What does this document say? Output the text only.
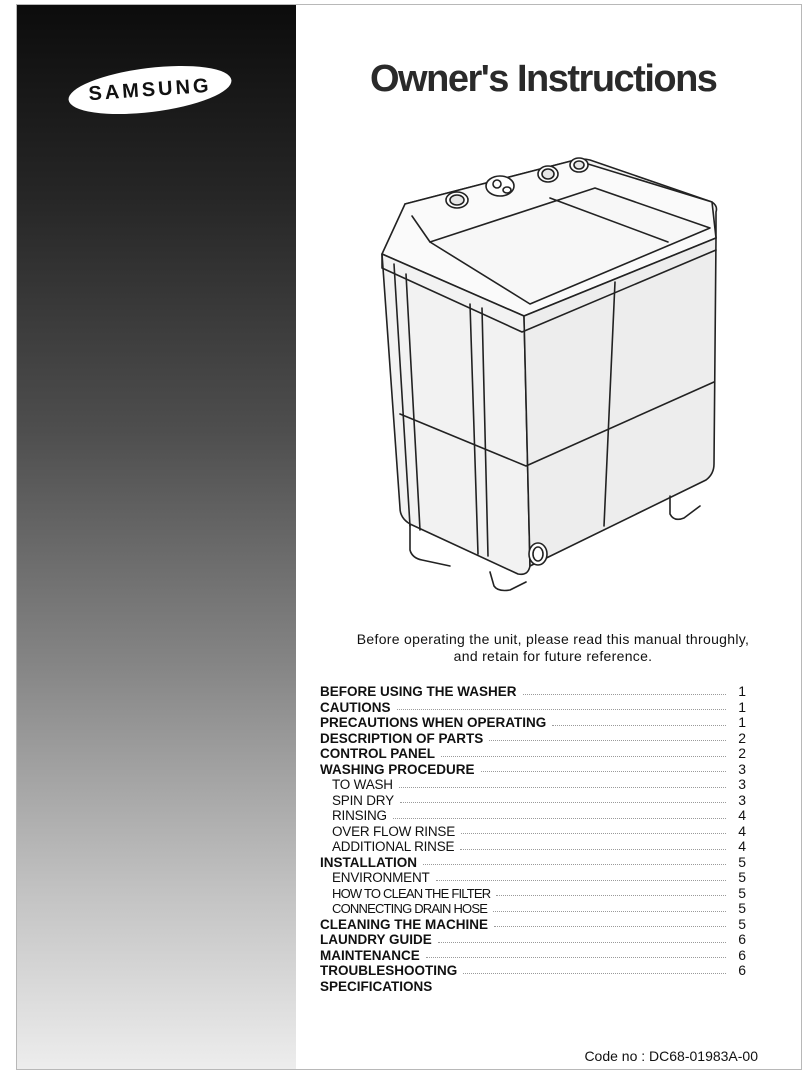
SAMSUNG	Owner's Instructions
Before operating the unit, please read this manual throughly,
and retain for future reference.
BEFORE USING THE WASHER	1
CAUTIONS	1
PRECAUTIONS WHEN OPERATING	1
DESCRIPTION OF PARTS	2
CONTROL PANEL	2
WASHING PROCEDURE	3
TO WASH	3
SPIN DRY	3
RINSING	4
OVER FLOW RINSE	4
ADDITIONAL RINSE	4
INSTALLATION	5
ENVIRONMENT	5
HOW TO CLEAN THE FILTER	5
CONNECTING DRAIN HOSE	5
CLEANING THE MACHINE	5
LAUNDRY GUIDE	6
MAINTENANCE	6
TROUBLESHOOTING	6
SPECIFICATIONS
Code no : DC68-01983A-00
